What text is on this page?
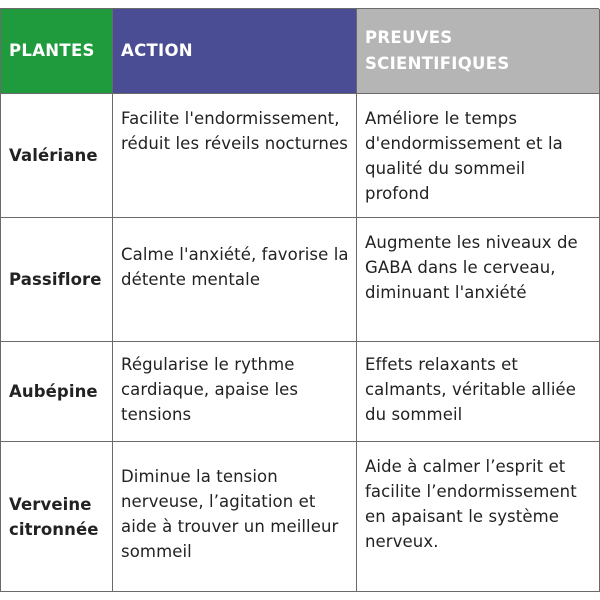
PLANTES	ACTION
PREUVES SCIENTIFIQUES
Valériane
Facilite l'endormissement, réduit les réveils nocturnes
Améliore le temps d'endormissement et la qualité du sommeil profond
Passiflore
Calme l'anxiété, favorise la détente mentale
Augmente les niveaux de GABA dans le cerveau, diminuant l'anxiété
Aubépine
Régularise le rythme cardiaque, apaise les tensions
Effets relaxants et calmants, véritable alliée du sommeil
Verveine citronnée
Diminue la tension nerveuse, l’agitation et aide à trouver un meilleur sommeil
Aide à calmer l’esprit et facilite l’endormissement en apaisant le système nerveux.
